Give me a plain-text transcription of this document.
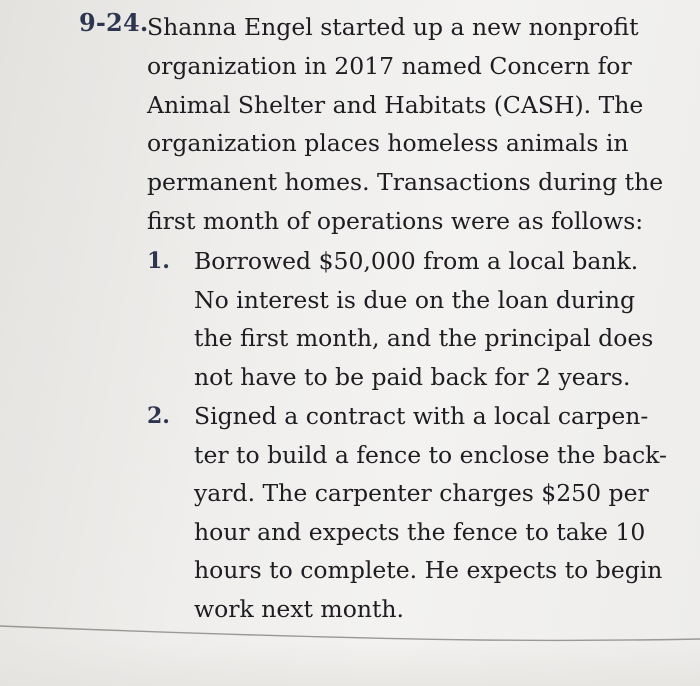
9-24.
Shanna Engel started up a new nonprofit
organization in 2017 named Concern for
Animal Shelter and Habitats (CASH). The
organization places homeless animals in
permanent homes. Transactions during the
first month of operations were as follows:
1. Borrowed $50,000 from a local bank.
No interest is due on the loan during
the first month, and the principal does
not have to be paid back for 2 years.
2. Signed a contract with a local carpen-
ter to build a fence to enclose the back-
yard. The carpenter charges $250 per
hour and expects the fence to take 10
hours to complete. He expects to begin
work next month.
